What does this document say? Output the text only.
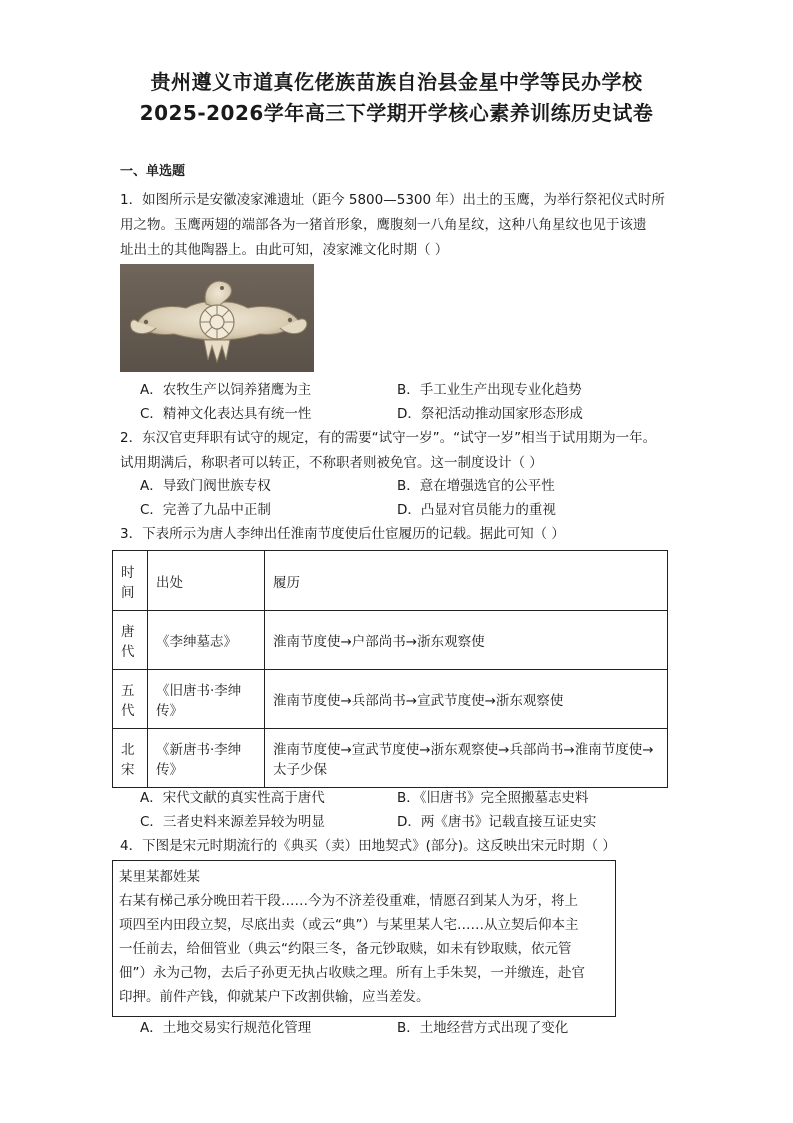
贵州遵义市道真仡佬族苗族自治县金星中学等民办学校
2025-2026学年高三下学期开学核心素养训练历史试卷
一、单选题
1．如图所示是安徽凌家滩遗址（距今 5800—5300 年）出土的玉鹰，为举行祭祀仪式时所
用之物。玉鹰两翅的端部各为一猪首形象，鹰腹刻一八角星纹，这种八角星纹也见于该遗
址出土的其他陶器上。由此可知，凌家滩文化时期（ ）
A．农牧生产以饲养猪鹰为主	B．手工业生产出现专业化趋势
C．精神文化表达具有统一性	D．祭祀活动推动国家形态形成
2．东汉官吏拜职有试守的规定，有的需要“试守一岁”。“试守一岁”相当于试用期为一年。
试用期满后，称职者可以转正，不称职者则被免官。这一制度设计（ ）
A．导致门阀世族专权	B．意在增强选官的公平性
C．完善了九品中正制	D．凸显对官员能力的重视
3．下表所示为唐人李绅出任淮南节度使后仕宦履历的记载。据此可知（ ）
时间	出处	履历
唐代	《李绅墓志》	淮南节度使→户部尚书→浙东观察使
五代	《旧唐书·李绅传》	淮南节度使→兵部尚书→宣武节度使→浙东观察使
北宋	《新唐书·李绅传》	淮南节度使→宣武节度使→浙东观察使→兵部尚书→淮南节度使→太子少保
A．宋代文献的真实性高于唐代	B．《旧唐书》完全照搬墓志史料
C．三者史料来源差异较为明显	D．两《唐书》记载直接互证史实
4．下图是宋元时期流行的《典买（卖）田地契式》(部分)。这反映出宋元时期（ ）
某里某都姓某
右某有梯己承分晚田若干段……今为不济差役重难，情愿召到某人为牙，将上
项四至内田段立契，尽底出卖（或云“典”）与某里某人宅……从立契后仰本主
一任前去，给佃管业（典云“约限三冬，备元钞取赎，如未有钞取赎，依元管
佃”）永为己物，去后子孙更无执占收赎之理。所有上手朱契，一并缴连，赴官
印押。前件产钱，仰就某户下改割供输，应当差发。
A．土地交易实行规范化管理	B．土地经营方式出现了变化
